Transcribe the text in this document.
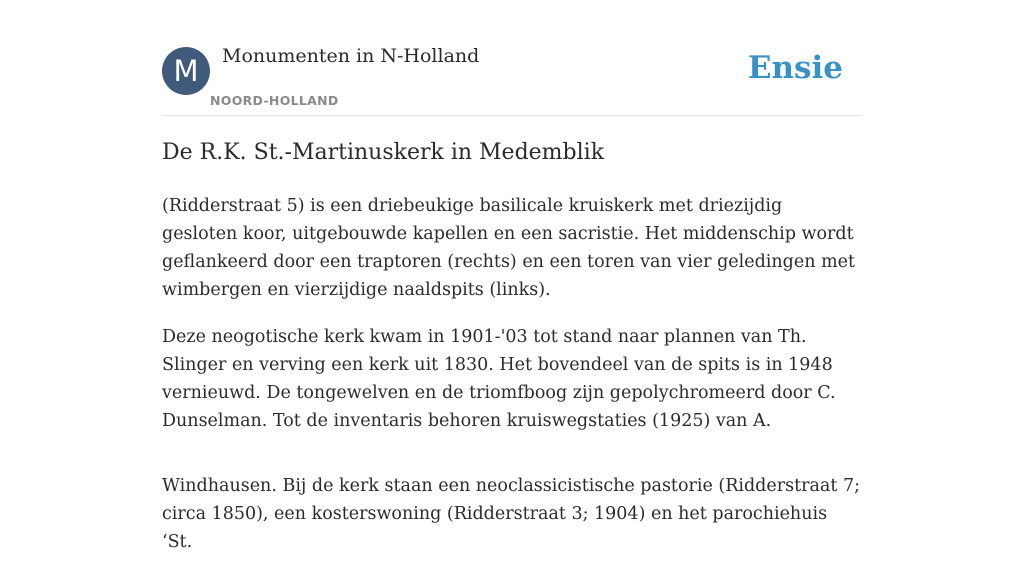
M	Monumenten in N-Holland
NOORD-HOLLAND
Ensie
De R.K. St.-Martinuskerk in Medemblik

(Ridderstraat 5) is een driebeukige basilicale kruiskerk met driezijdig gesloten koor, uitgebouwde kapellen en een sacristie. Het middenschip wordt geflankeerd door een traptoren (rechts) en een toren van vier geledingen met wimbergen en vierzijdige naaldspits (links).

Deze neogotische kerk kwam in 1901-'03 tot stand naar plannen van Th. Slinger en verving een kerk uit 1830. Het bovendeel van de spits is in 1948 vernieuwd. De tongewelven en de triomfboog zijn gepolychromeerd door C. Dunselman. Tot de inventaris behoren kruiswegstaties (1925) van A.

Windhausen. Bij de kerk staan een neoclassicistische pastorie (Ridderstraat 7; circa 1850), een kosterswoning (Ridderstraat 3; 1904) en het parochiehuis ‘St.
